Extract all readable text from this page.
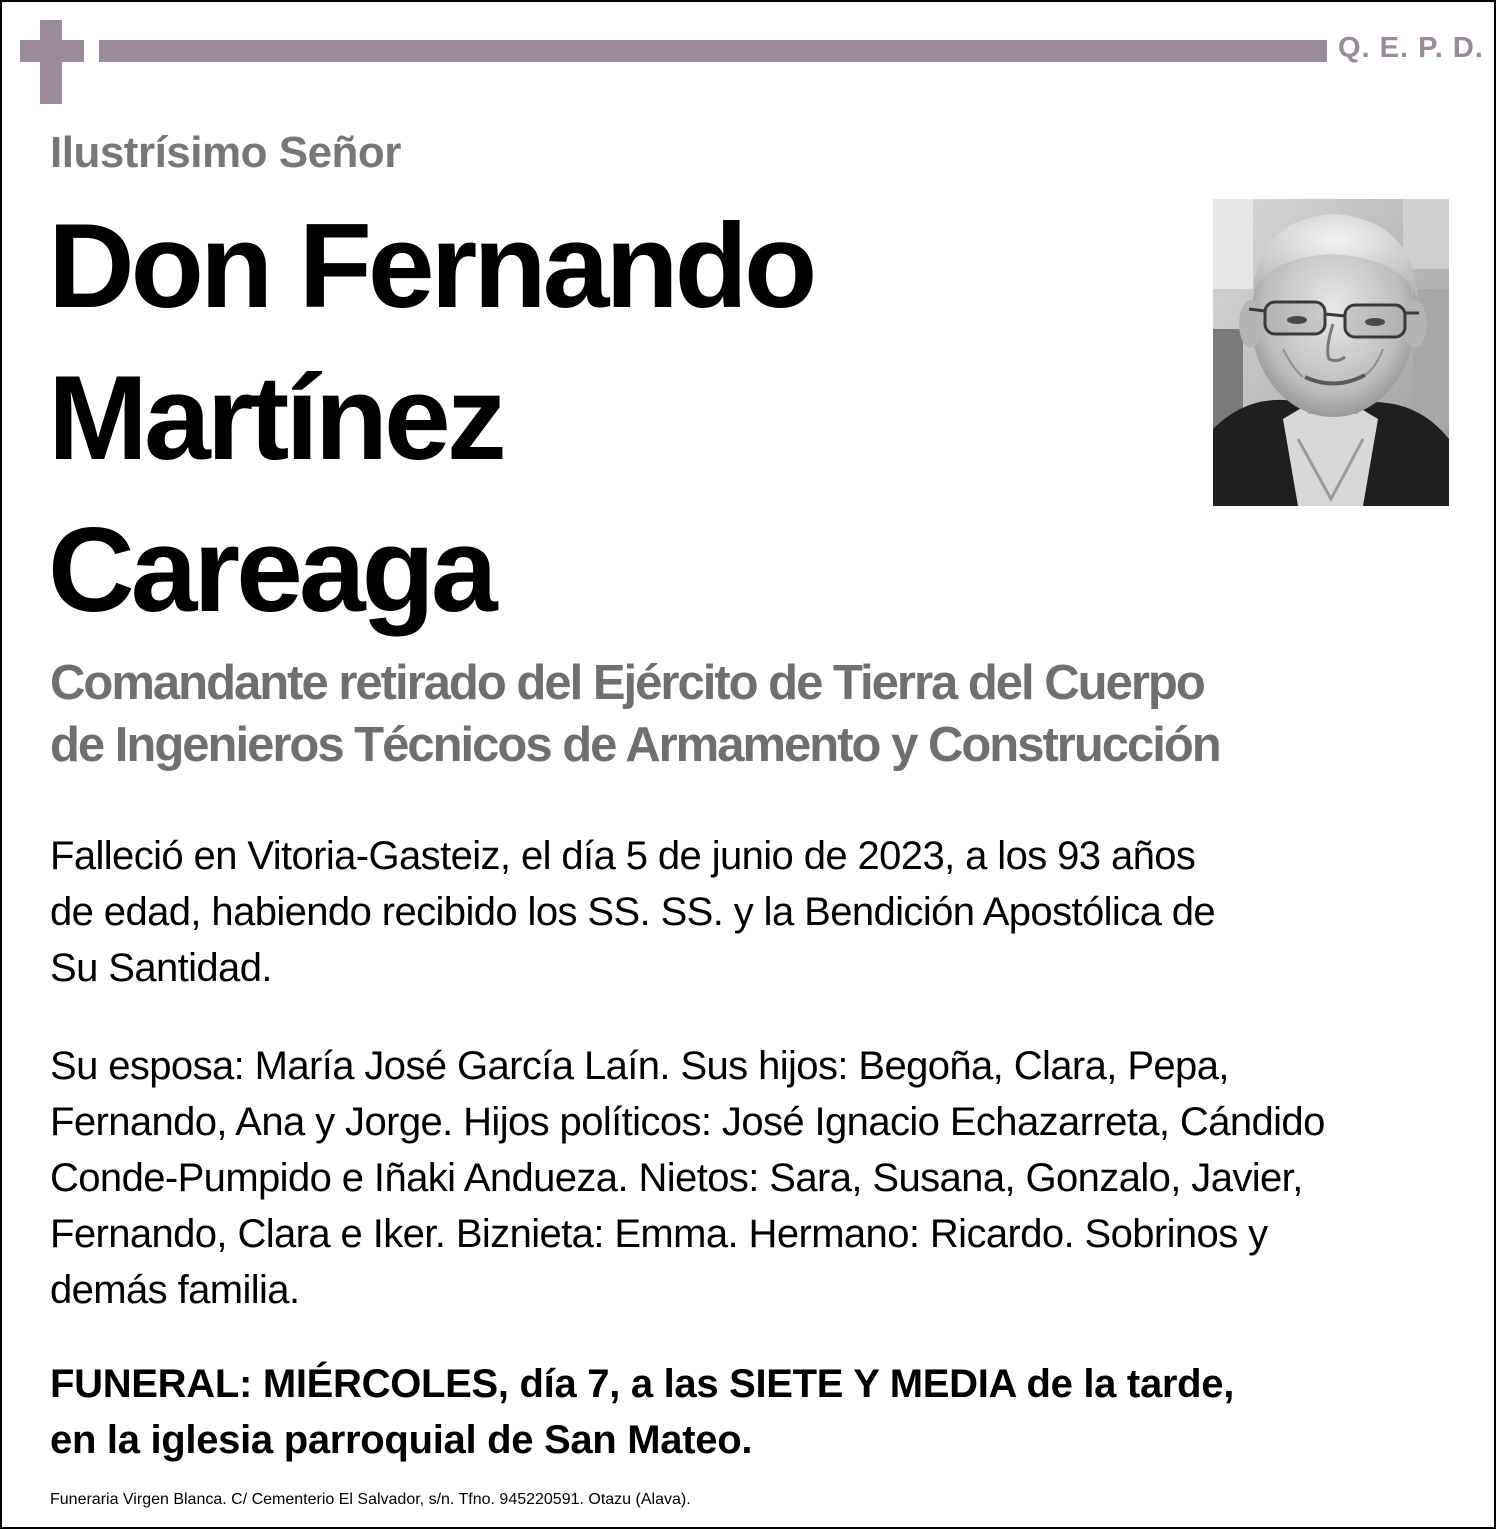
Q. E. P. D.
Ilustrísimo Señor
Don Fernando
Martínez
Careaga
Comandante retirado del Ejército de Tierra del Cuerpo
de Ingenieros Técnicos de Armamento y Construcción
Falleció en Vitoria-Gasteiz, el día 5 de junio de 2023, a los 93 años
de edad, habiendo recibido los SS. SS. y la Bendición Apostólica de
Su Santidad.
Su esposa: María José García Laín. Sus hijos: Begoña, Clara, Pepa,
Fernando, Ana y Jorge. Hijos políticos: José Ignacio Echazarreta, Cándido
Conde-Pumpido e Iñaki Andueza. Nietos: Sara, Susana, Gonzalo, Javier,
Fernando, Clara e Iker. Biznieta: Emma. Hermano: Ricardo. Sobrinos y
demás familia.
FUNERAL: MIÉRCOLES, día 7, a las SIETE Y MEDIA de la tarde,
en la iglesia parroquial de San Mateo.
Funeraria Virgen Blanca. C/ Cementerio El Salvador, s/n. Tfno. 945220591. Otazu (Alava).
